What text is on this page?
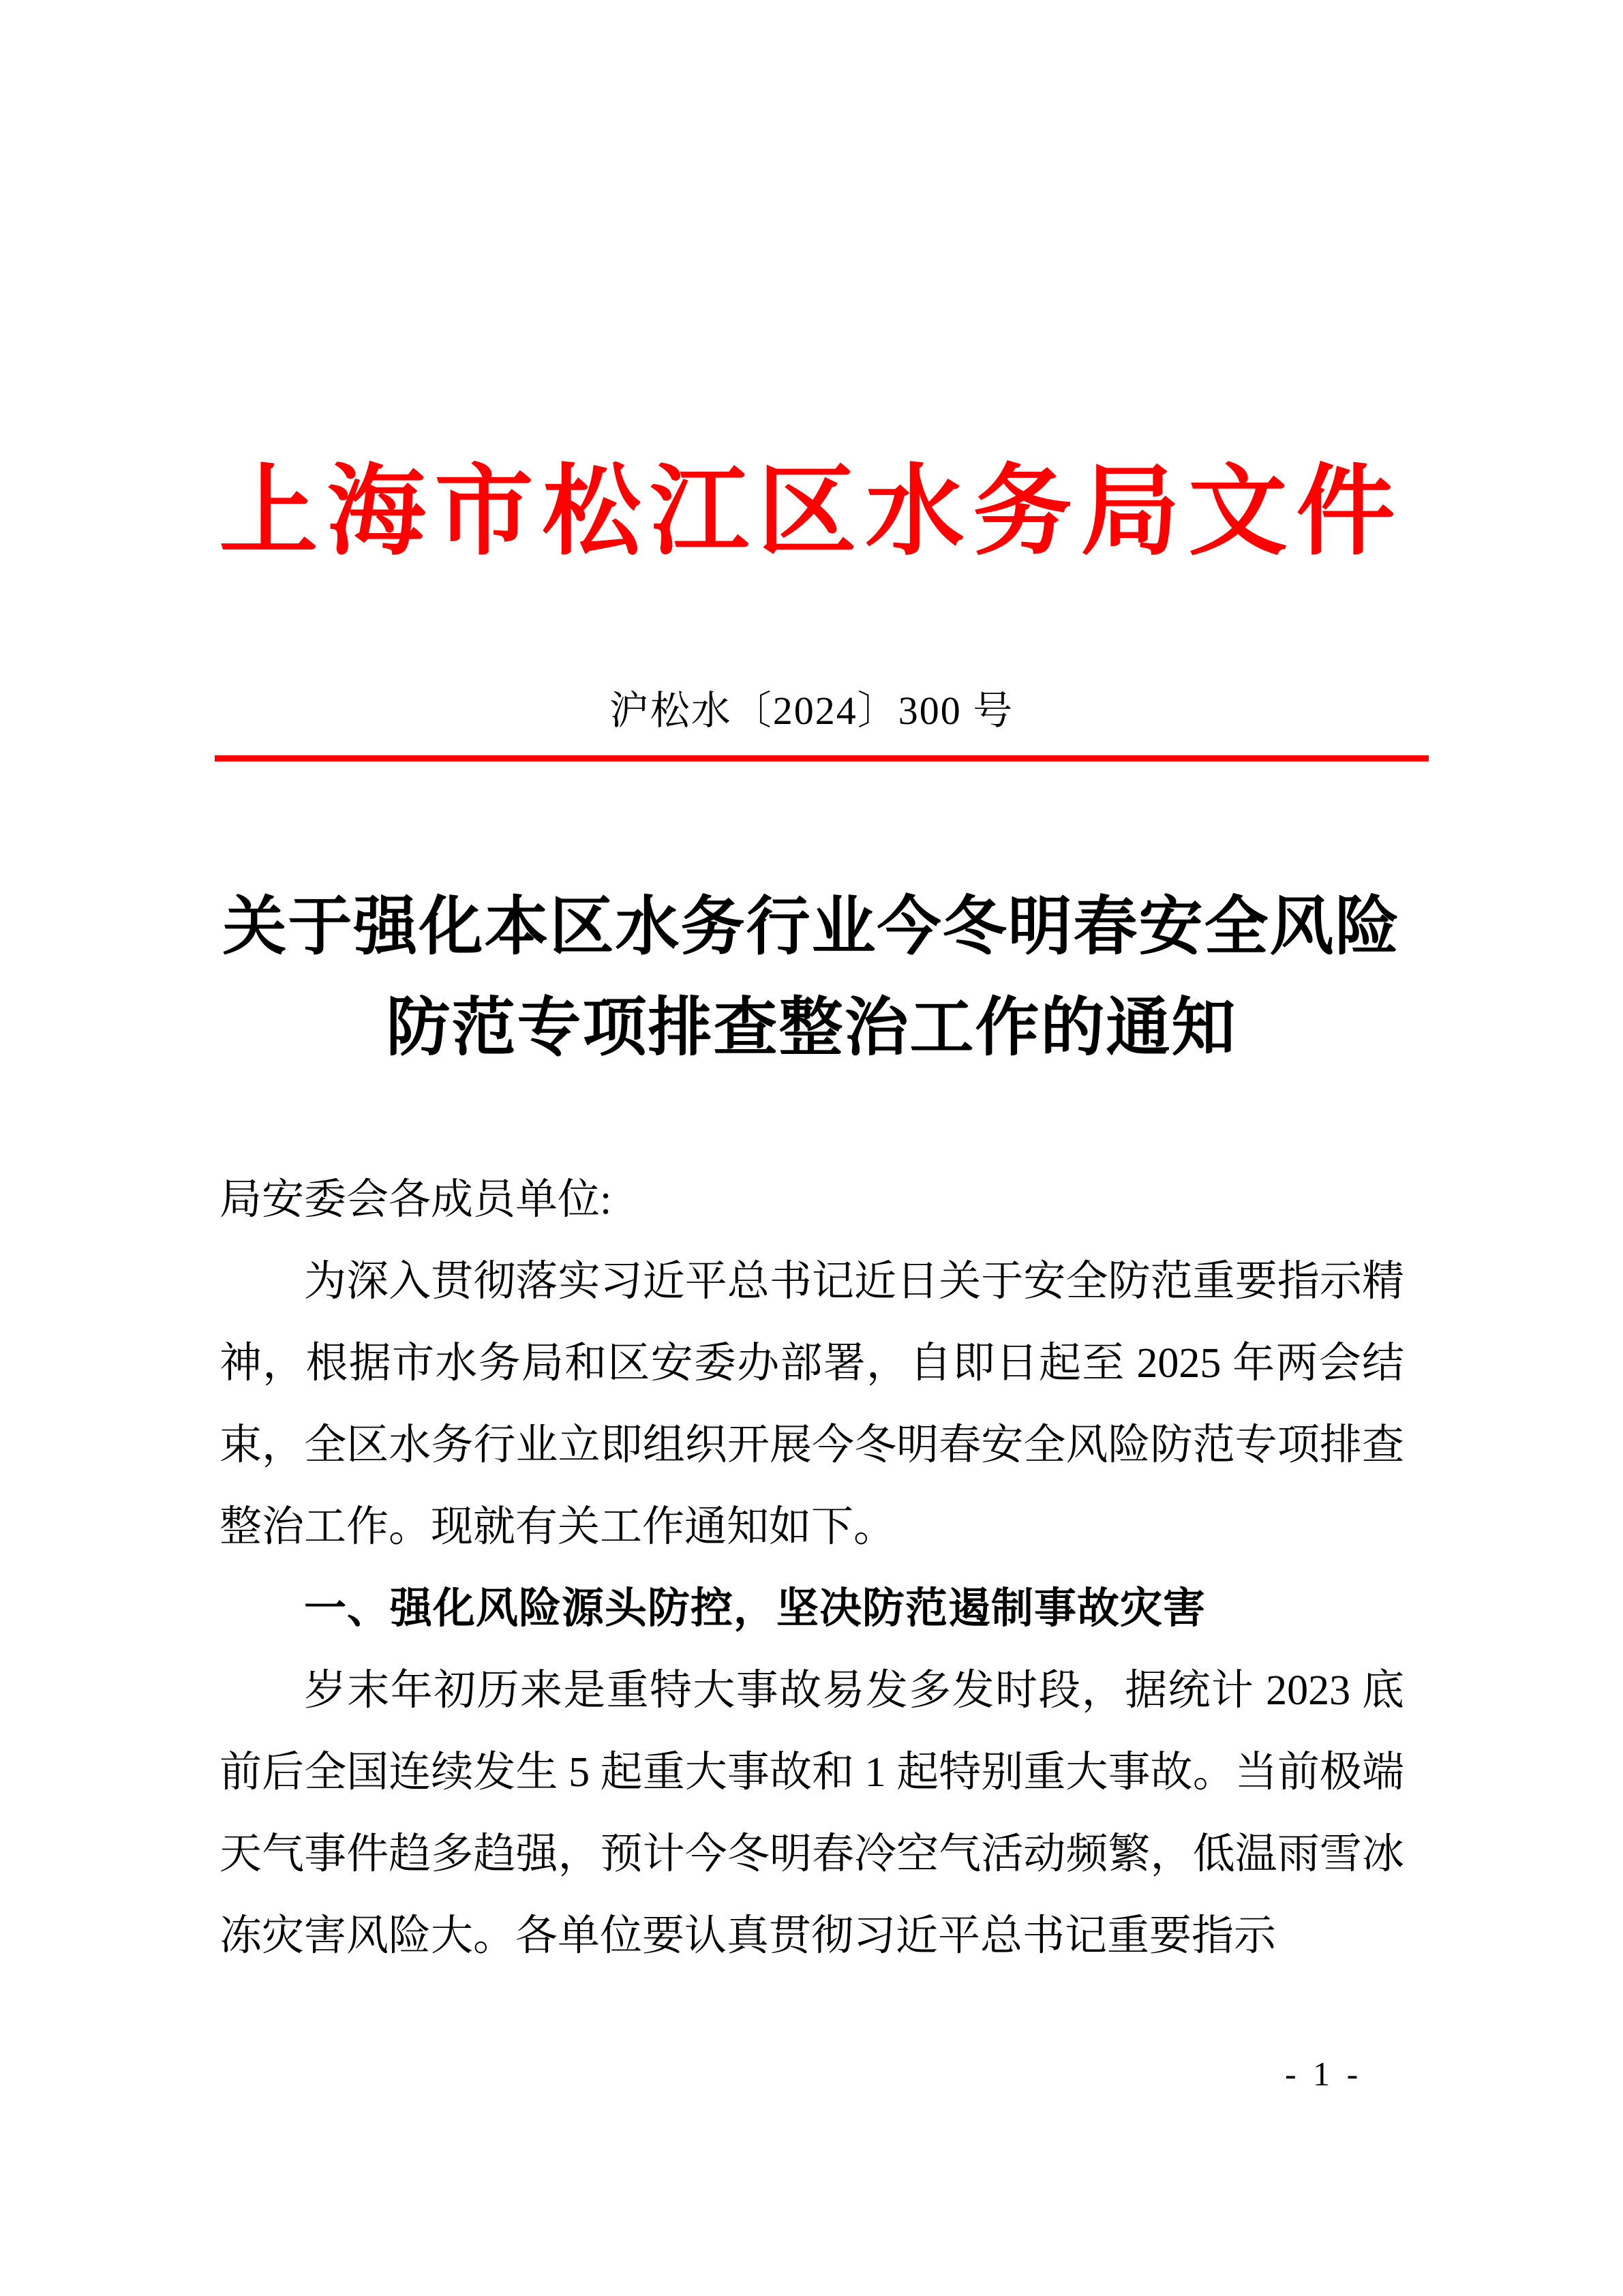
上海市松江区水务局文件
沪松水〔2024〕300 号
关于强化本区水务行业今冬明春安全风险
防范专项排查整治工作的通知

局安委会各成员单位:

为深入贯彻落实习近平总书记近日关于安全防范重要指示精神，根据市水务局和区安委办部署，自即日起至 2025 年两会结束，全区水务行业立即组织开展今冬明春安全风险防范专项排查整治工作。现就有关工作通知如下。

一、强化风险源头防控，坚决防范遏制事故灾害

岁末年初历来是重特大事故易发多发时段，据统计 2023 底前后全国连续发生 5 起重大事故和 1 起特别重大事故。当前极端天气事件趋多趋强，预计今冬明春冷空气活动频繁，低温雨雪冰冻灾害风险大。各单位要认真贯彻习近平总书记重要指示

- 1 -
